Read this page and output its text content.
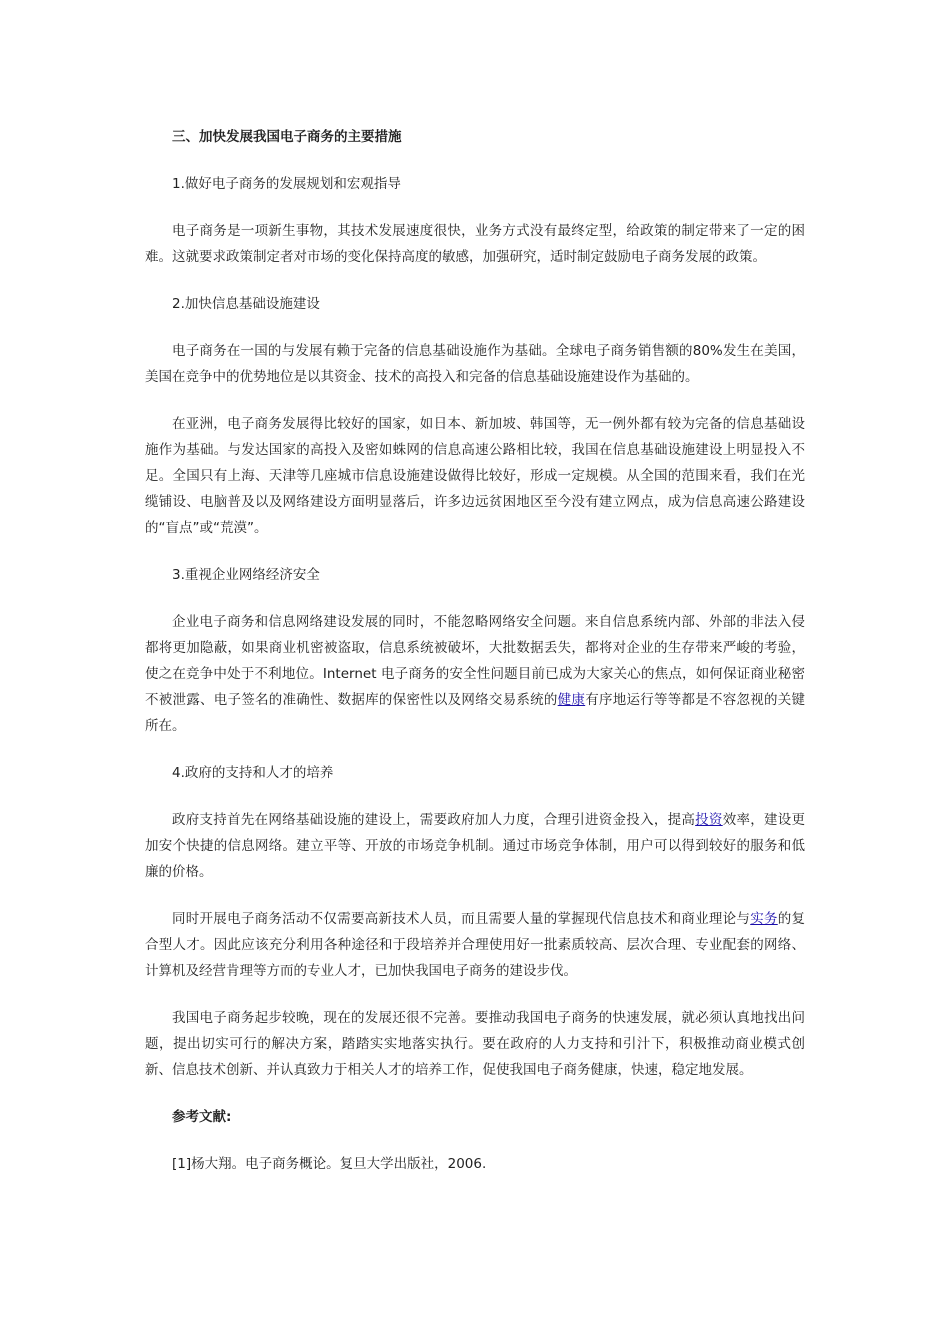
三、加快发展我国电子商务的主要措施

1.做好电子商务的发展规划和宏观指导

电子商务是一项新生事物，其技术发展速度很快，业务方式没有最终定型，给政策的制定带来了一定的困难。这就要求政策制定者对市场的变化保持高度的敏感，加强研究，适时制定鼓励电子商务发展的政策。

2.加快信息基础设施建设

电子商务在一国的与发展有赖于完备的信息基础设施作为基础。全球电子商务销售额的80%发生在美国，美国在竞争中的优势地位是以其资金、技术的高投入和完备的信息基础设施建设作为基础的。

在亚洲，电子商务发展得比较好的国家，如日本、新加坡、韩国等，无一例外都有较为完备的信息基础设施作为基础。与发达国家的高投入及密如蛛网的信息高速公路相比较，我国在信息基础设施建设上明显投入不足。全国只有上海、天津等几座城市信息设施建设做得比较好，形成一定规模。从全国的范围来看，我们在光缆铺设、电脑普及以及网络建设方面明显落后，许多边远贫困地区至今没有建立网点，成为信息高速公路建设的“盲点”或“荒漠”。

3.重视企业网络经济安全

企业电子商务和信息网络建设发展的同时，不能忽略网络安全问题。来自信息系统内部、外部的非法入侵都将更加隐蔽，如果商业机密被盗取，信息系统被破坏，大批数据丢失，都将对企业的生存带来严峻的考验，使之在竞争中处于不利地位。Internet 电子商务的安全性问题目前已成为大家关心的焦点，如何保证商业秘密不被泄露、电子签名的准确性、数据库的保密性以及网络交易系统的健康有序地运行等等都是不容忽视的关键所在。

4.政府的支持和人才的培养

政府支持首先在网络基础设施的建设上，需要政府加人力度，合理引进资金投入，提高投资效率，建设更加安个快捷的信息网络。建立平等、开放的市场竞争机制。通过市场竞争体制，用户可以得到较好的服务和低廉的价格。

同时开展电子商务活动不仅需要高新技术人员，而且需要人量的掌握现代信息技术和商业理论与实务的复合型人才。因此应该充分利用各种途径和于段培养并合理使用好一批素质较高、层次合理、专业配套的网络、计算机及经营肯理等方而的专业人才，已加快我国电子商务的建设步伐。

我国电子商务起步较晚，现在的发展还很不完善。要推动我国电子商务的快速发展，就必须认真地找出问题，提出切实可行的解决方案，踏踏实实地落实执行。要在政府的人力支持和引汁下，积极推动商业模式创新、信息技术创新、并认真致力于相关人才的培养工作，促使我国电子商务健康，快速，稳定地发展。

参考文献:

[1]杨大翔。电子商务概论。复旦大学出版社，2006.
